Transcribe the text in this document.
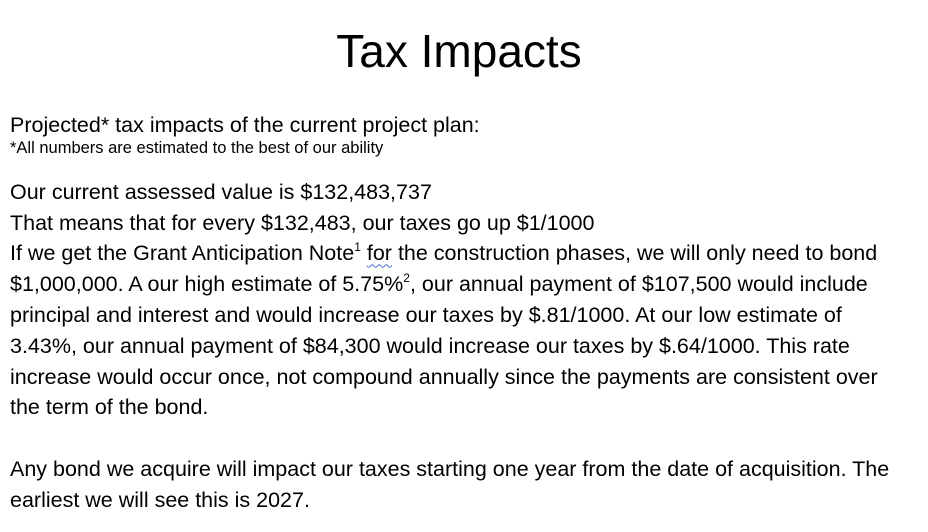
Tax Impacts

Projected* tax impacts of the current project plan:

*All numbers are estimated to the best of our ability

Our current assessed value is $132,483,737

That means that for every $132,483, our taxes go up $1/1000

If we get the Grant Anticipation Note$^1$ for the construction phases, we will only need to bond $1,000,000. A our high estimate of 5.75%$^2$, our annual payment of $107,500 would include principal and interest and would increase our taxes by $.81/1000. At our low estimate of 3.43%, our annual payment of $84,300 would increase our taxes by $.64/1000. This rate increase would occur once, not compound annually since the payments are consistent over the term of the bond.

Any bond we acquire will impact our taxes starting one year from the date of acquisition. The earliest we will see this is 2027.
